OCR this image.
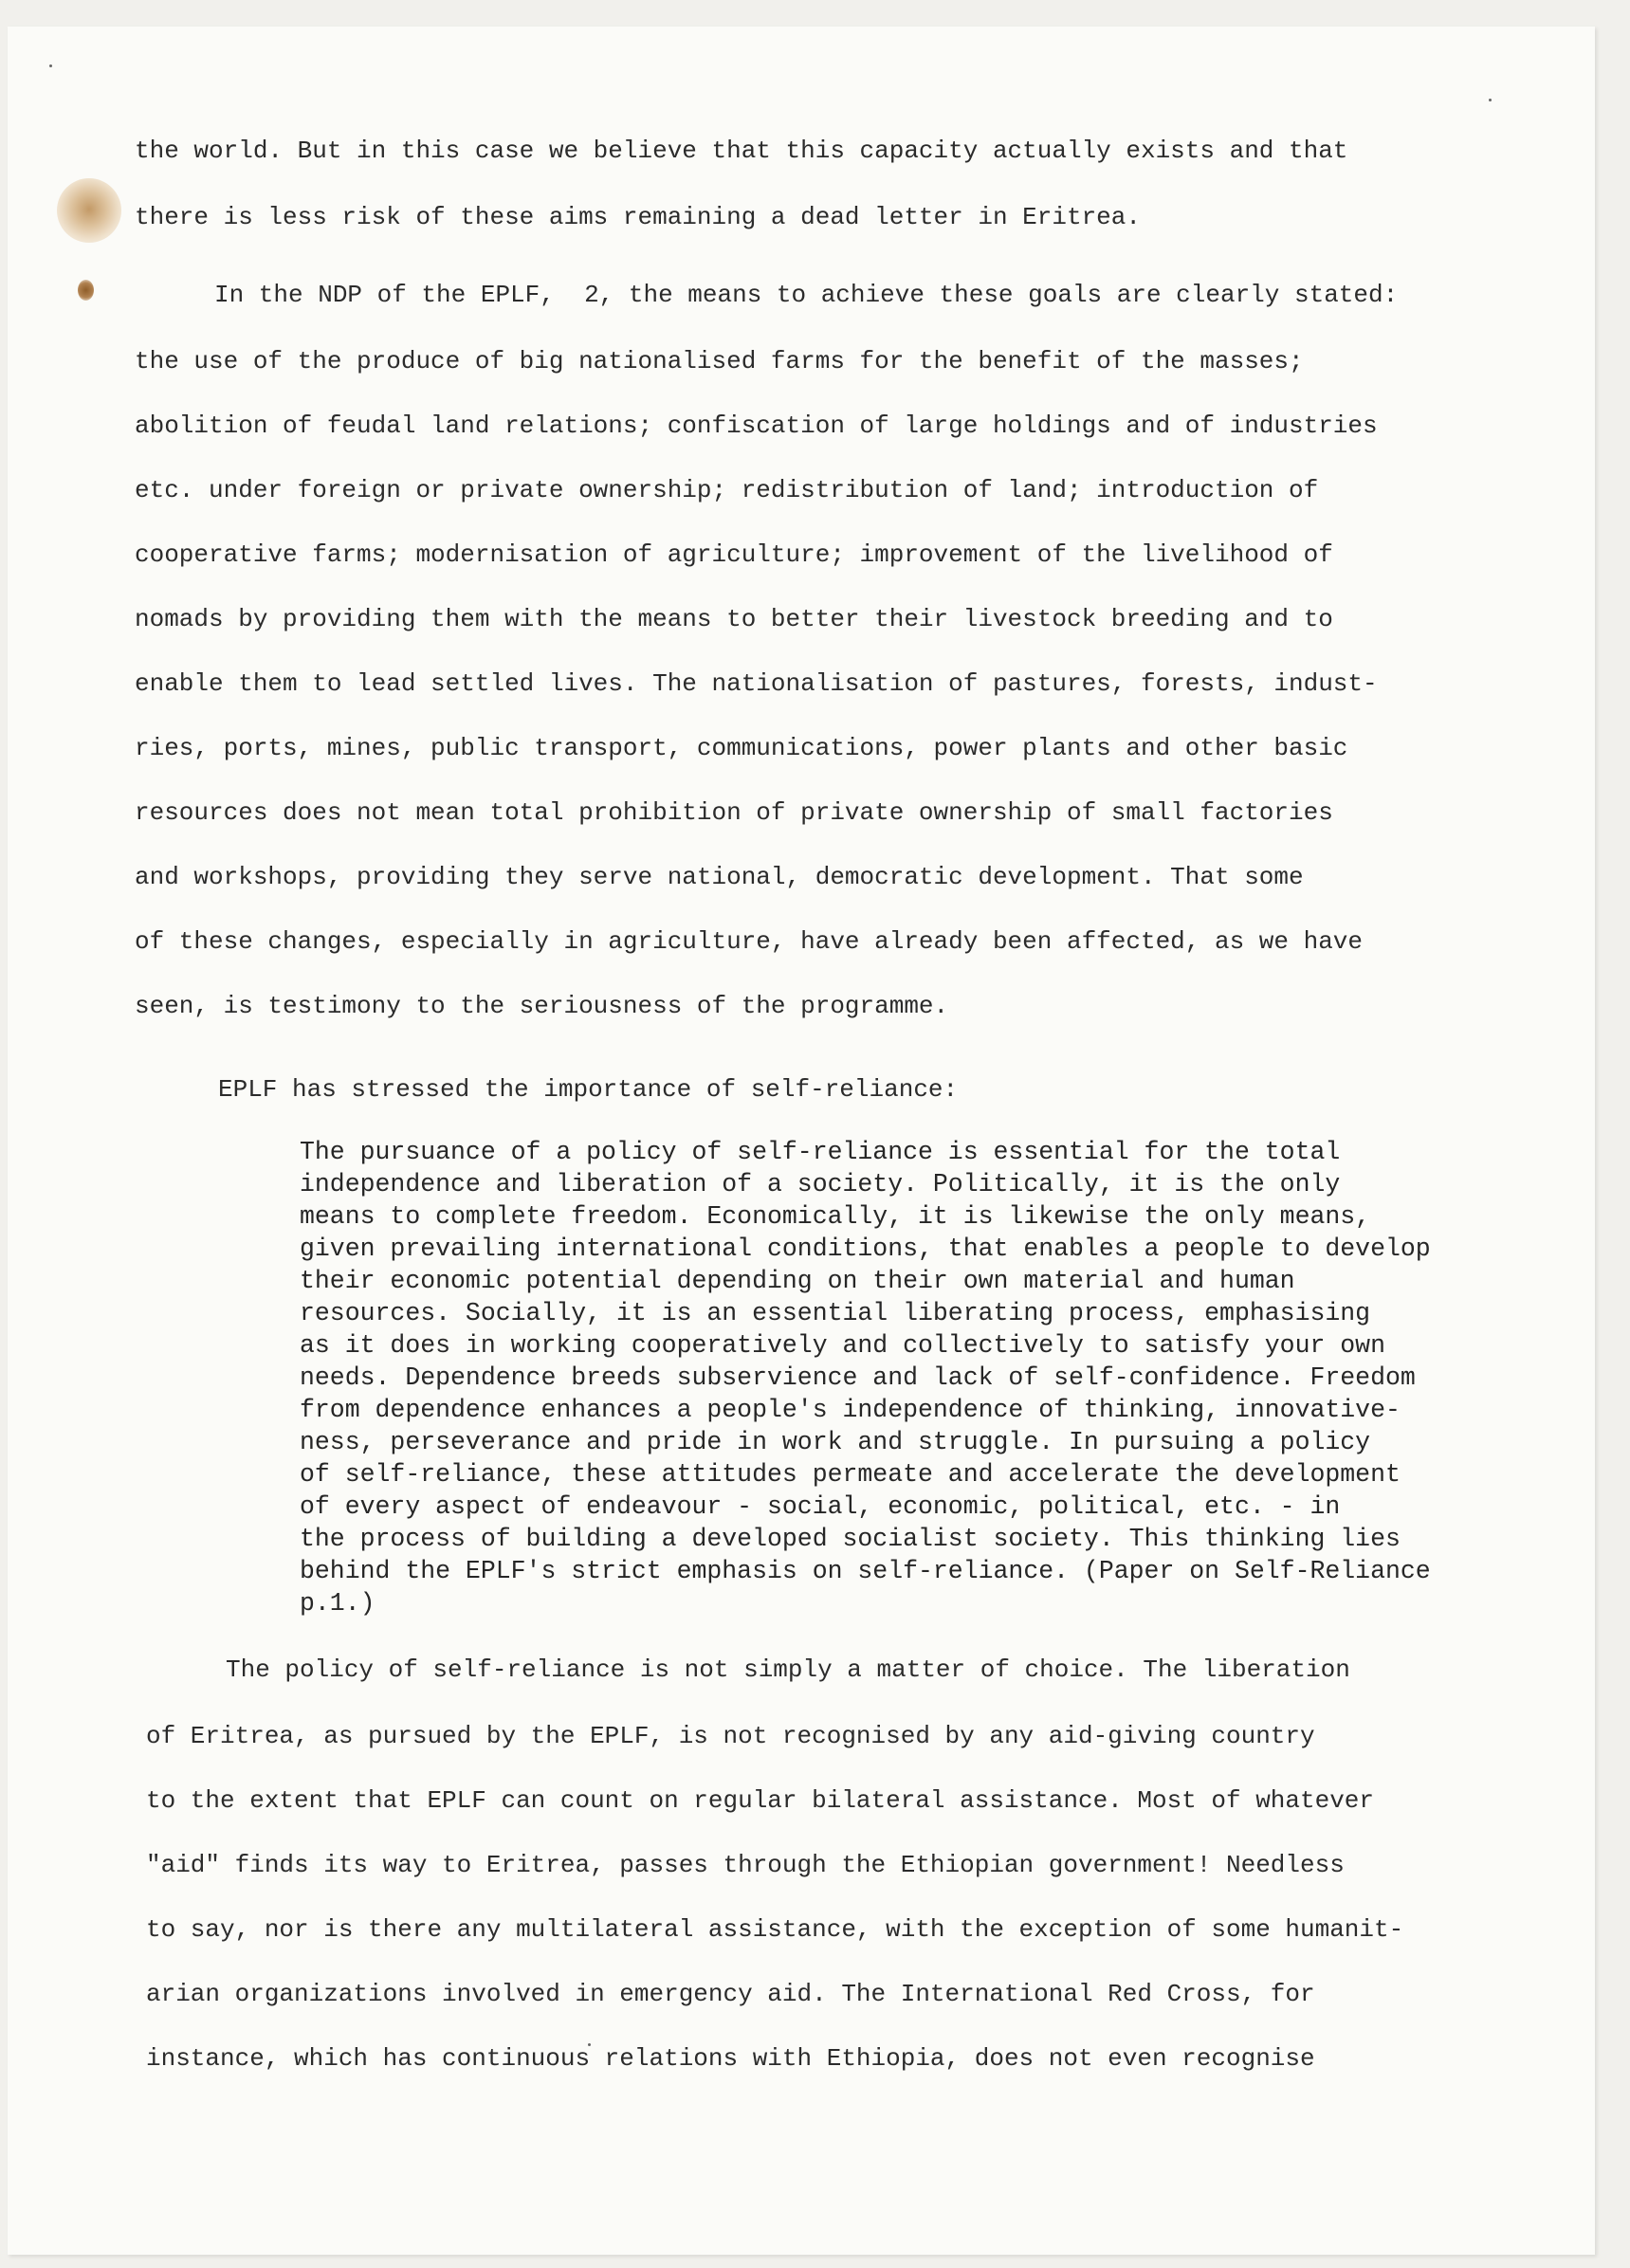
the world. But in this case we believe that this capacity actually exists and that

there is less risk of these aims remaining a dead letter in Eritrea.

In the NDP of the EPLF,  2, the means to achieve these goals are clearly stated:

the use of the produce of big nationalised farms for the benefit of the masses;

abolition of feudal land relations; confiscation of large holdings and of industries

etc. under foreign or private ownership; redistribution of land; introduction of

cooperative farms; modernisation of agriculture; improvement of the livelihood of

nomads by providing them with the means to better their livestock breeding and to

enable them to lead settled lives. The nationalisation of pastures, forests, indust-

ries, ports, mines, public transport, communications, power plants and other basic

resources does not mean total prohibition of private ownership of small factories

and workshops, providing they serve national, democratic development. That some

of these changes, especially in agriculture, have already been affected, as we have

seen, is testimony to the seriousness of the programme.

EPLF has stressed the importance of self-reliance:

The pursuance of a policy of self-reliance is essential for the total

independence and liberation of a society. Politically, it is the only

means to complete freedom. Economically, it is likewise the only means,

given prevailing international conditions, that enables a people to develop

their economic potential depending on their own material and human

resources. Socially, it is an essential liberating process, emphasising

as it does in working cooperatively and collectively to satisfy your own

needs. Dependence breeds subservience and lack of self-confidence. Freedom

from dependence enhances a people's independence of thinking, innovative-

ness, perseverance and pride in work and struggle. In pursuing a policy

of self-reliance, these attitudes permeate and accelerate the development

of every aspect of endeavour - social, economic, political, etc. - in

the process of building a developed socialist society. This thinking lies

behind the EPLF's strict emphasis on self-reliance. (Paper on Self-Reliance

p.1.)

The policy of self-reliance is not simply a matter of choice. The liberation

of Eritrea, as pursued by the EPLF, is not recognised by any aid-giving country

to the extent that EPLF can count on regular bilateral assistance. Most of whatever

"aid" finds its way to Eritrea, passes through the Ethiopian government! Needless

to say, nor is there any multilateral assistance, with the exception of some humanit-

arian organizations involved in emergency aid. The International Red Cross, for

instance, which has continuous relations with Ethiopia, does not even recognise
